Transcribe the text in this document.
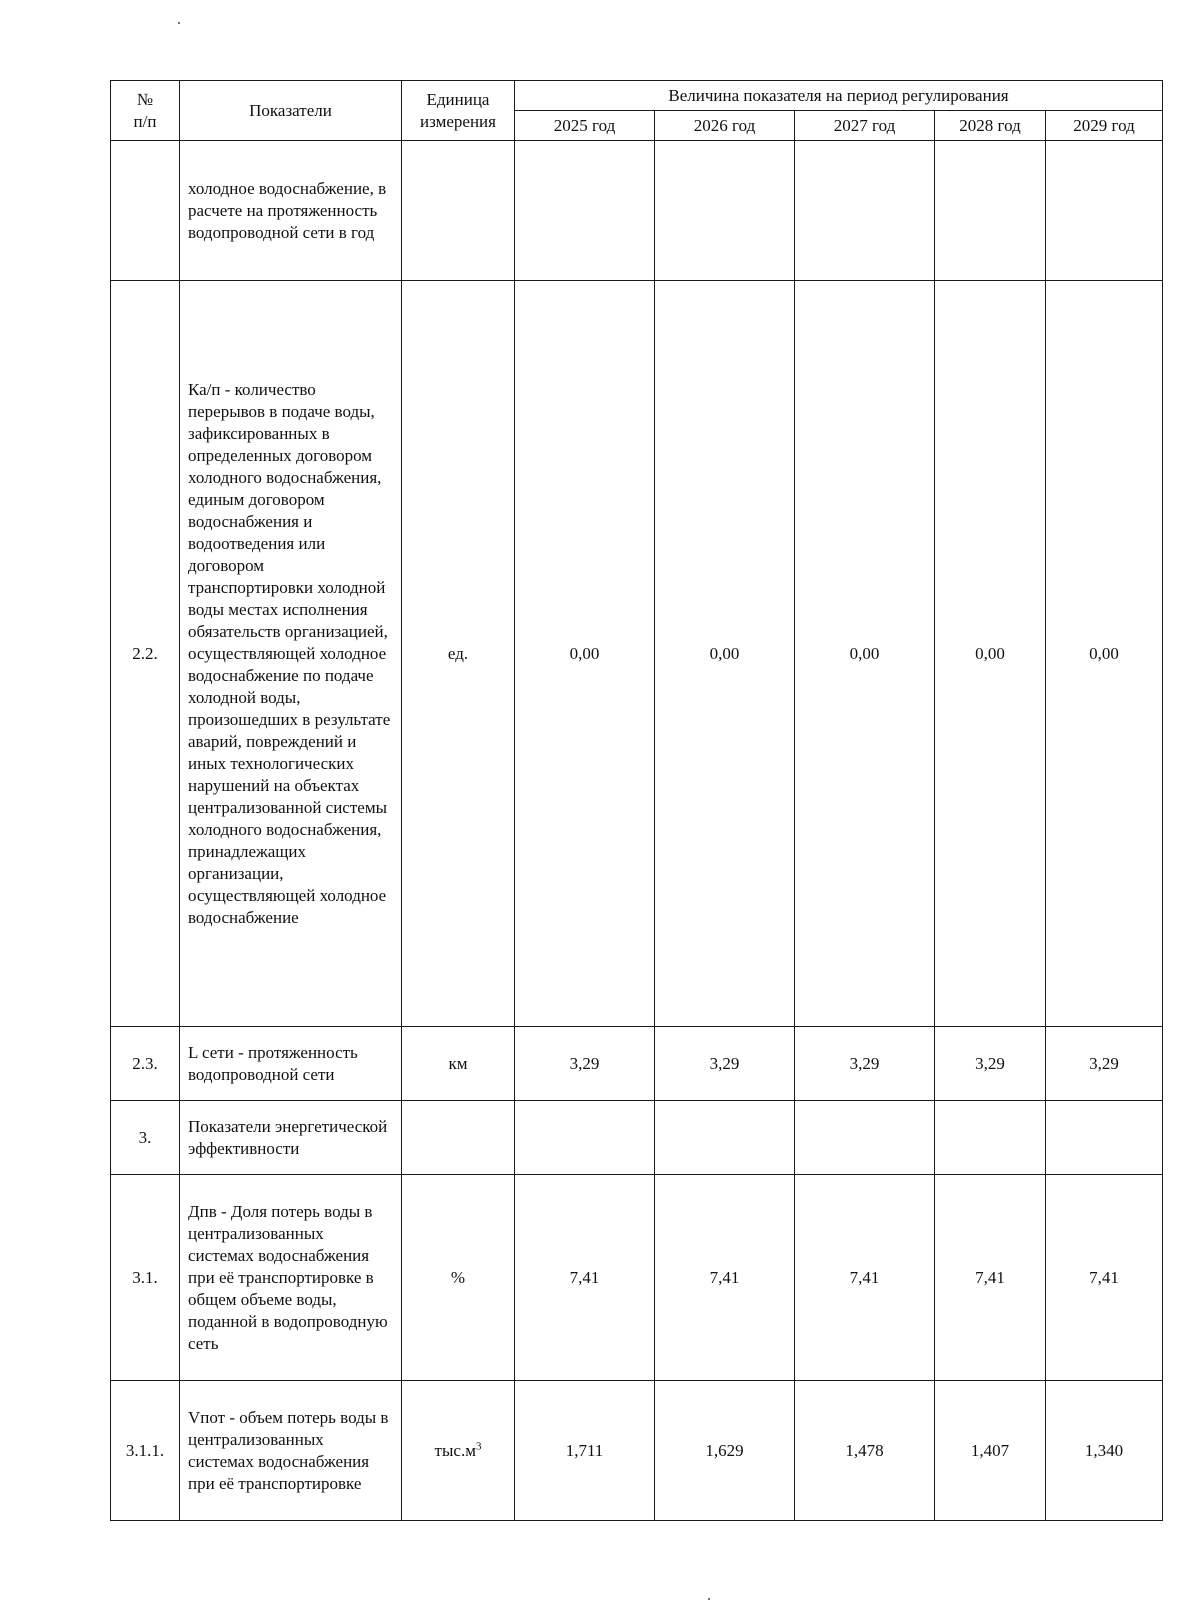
№
п/п	Показатели	Единица измерения	Величина показателя на период регулирования				
			2025 год	2026 год	2027 год	2028 год	2029 год
	холодное водоснабжение, в расчете на протяженность водопроводной сети в год						
2.2.	Ка/п - количество перерывов в подаче воды, зафиксированных в определенных договором холодного водоснабжения, единым договором водоснабжения и водоотведения или договором транспортировки холодной воды местах исполнения обязательств организацией, осуществляющей холодное водоснабжение по подаче холодной воды, произошедших в результате аварий, повреждений и иных технологических нарушений на объектах централизованной системы холодного водоснабжения, принадлежащих организации, осуществляющей холодное водоснабжение	ед.	0,00	0,00	0,00	0,00	0,00
2.3.	L сети - протяженность водопроводной сети	км	3,29	3,29	3,29	3,29	3,29
3.	Показатели энергетической эффективности						
3.1.	Дпв - Доля потерь воды в централизованных системах водоснабжения при её транспортировке в общем объеме воды, поданной в водопроводную сеть	%	7,41	7,41	7,41	7,41	7,41
3.1.1.	Vпот - объем потерь воды в централизованных системах водоснабжения при её транспортировке	$тыс.м^3$	1,711	1,629	1,478	1,407	1,340
